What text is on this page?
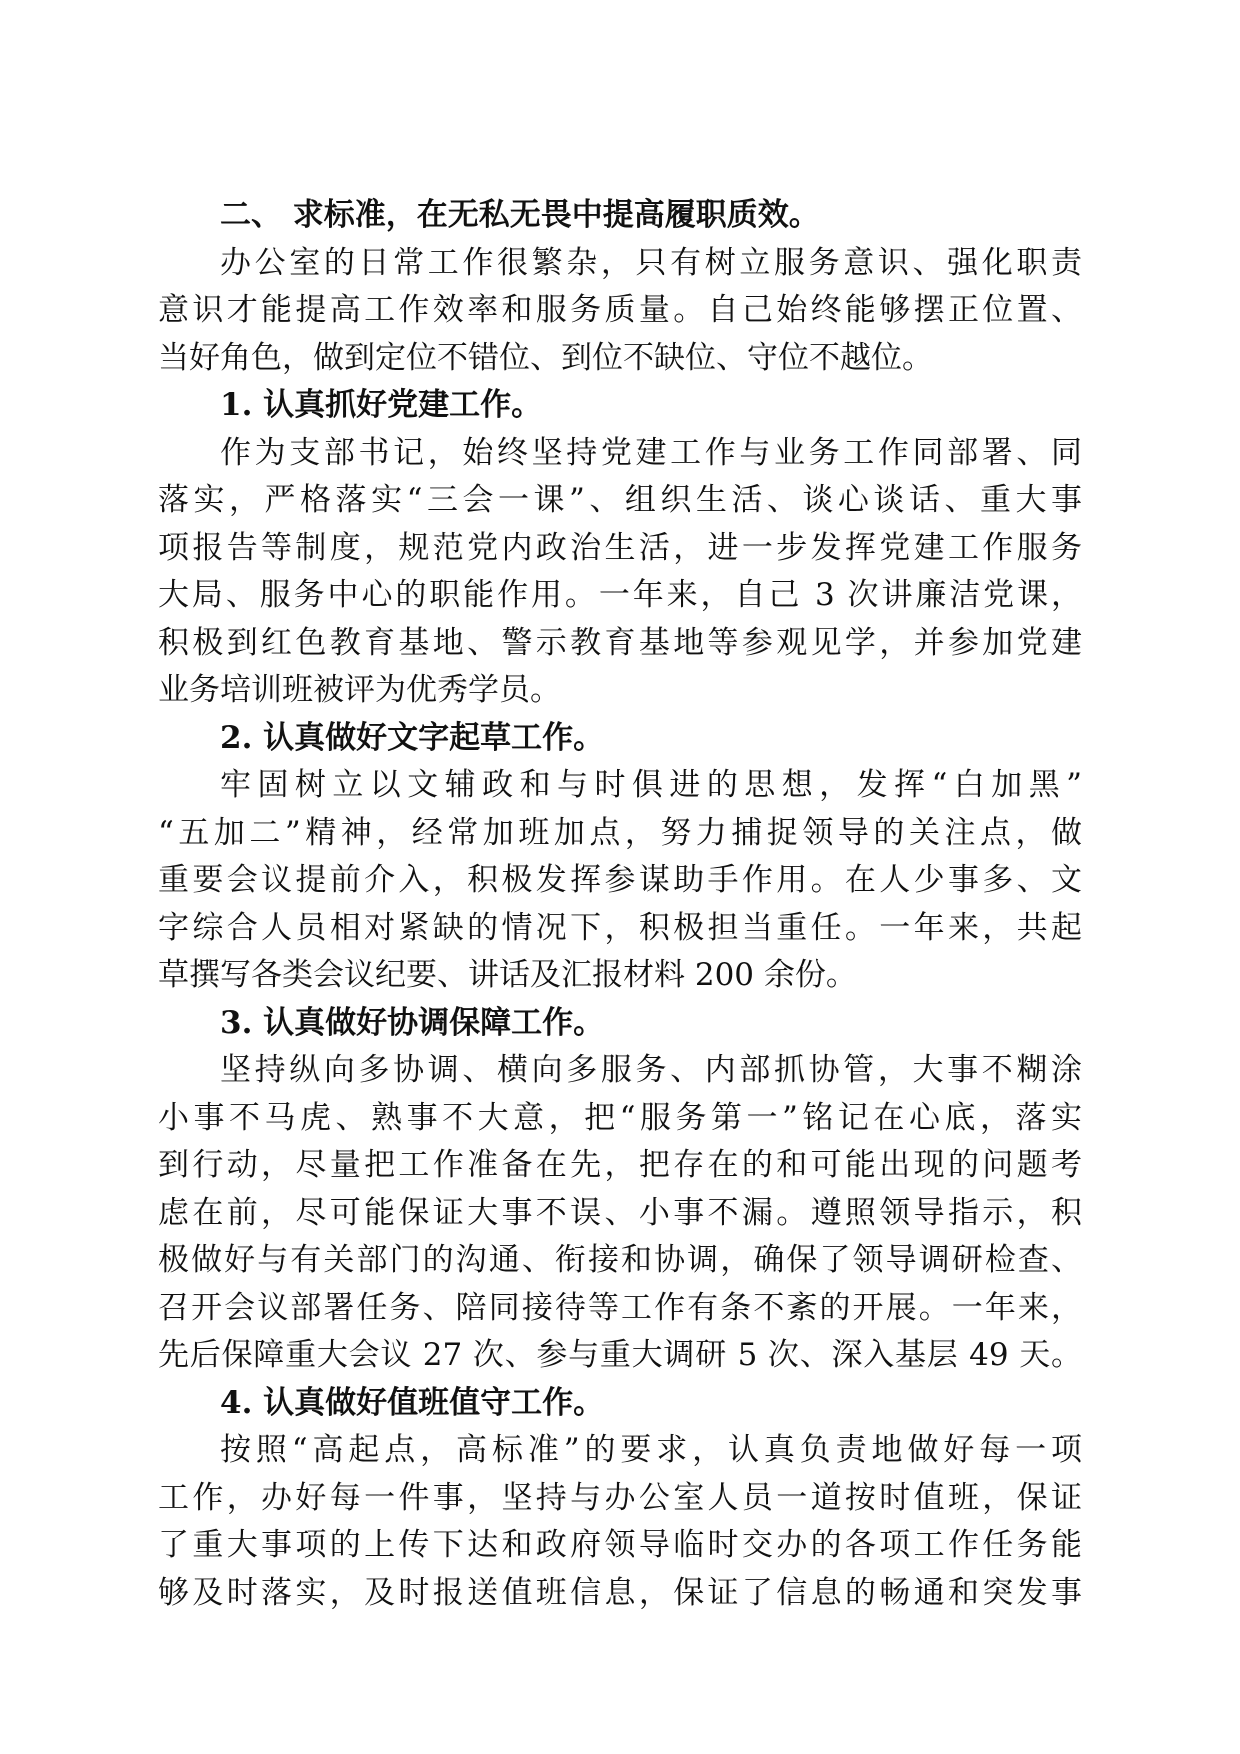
二、 求标准，在无私无畏中提高履职质效。
办公室的日常工作很繁杂，只有树立服务意识、强化职责
意识才能提高工作效率和服务质量。自己始终能够摆正位置、
当好角色，做到定位不错位、到位不缺位、守位不越位。
1. 认真抓好党建工作。
作为支部书记，始终坚持党建工作与业务工作同部署、同
落实，严格落实“三会一课”、组织生活、谈心谈话、重大事
项报告等制度，规范党内政治生活，进一步发挥党建工作服务
大局、服务中心的职能作用。一年来，自己 3 次讲廉洁党课，
积极到红色教育基地、警示教育基地等参观见学，并参加党建
业务培训班被评为优秀学员。
2. 认真做好文字起草工作。
牢固树立以文辅政和与时俱进的思想，发挥“白加黑”
“五加二”精神，经常加班加点，努力捕捉领导的关注点，做
重要会议提前介入，积极发挥参谋助手作用。在人少事多、文
字综合人员相对紧缺的情况下，积极担当重任。一年来，共起
草撰写各类会议纪要、讲话及汇报材料 200 余份。
3. 认真做好协调保障工作。
坚持纵向多协调、横向多服务、内部抓协管，大事不糊涂
小事不马虎、熟事不大意，把“服务第一”铭记在心底，落实
到行动，尽量把工作准备在先，把存在的和可能出现的问题考
虑在前，尽可能保证大事不误、小事不漏。遵照领导指示，积
极做好与有关部门的沟通、衔接和协调，确保了领导调研检查、
召开会议部署任务、陪同接待等工作有条不紊的开展。一年来，
先后保障重大会议 27 次、参与重大调研 5 次、深入基层 49 天。
4. 认真做好值班值守工作。
按照“高起点，高标准”的要求，认真负责地做好每一项
工作，办好每一件事，坚持与办公室人员一道按时值班，保证
了重大事项的上传下达和政府领导临时交办的各项工作任务能
够及时落实，及时报送值班信息，保证了信息的畅通和突发事
